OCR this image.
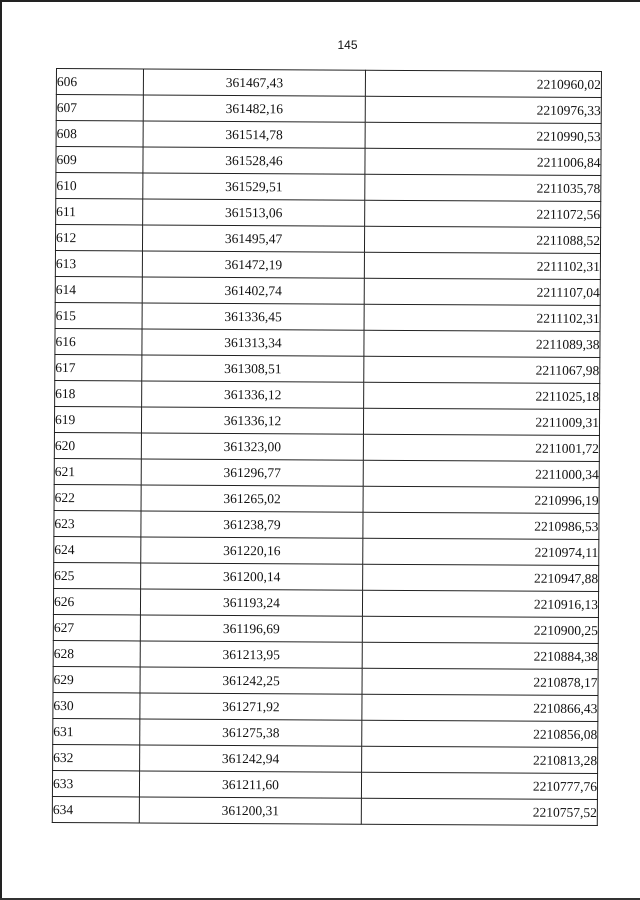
145
606	361467,43	2210960,02
607	361482,16	2210976,33
608	361514,78	2210990,53
609	361528,46	2211006,84
610	361529,51	2211035,78
611	361513,06	2211072,56
612	361495,47	2211088,52
613	361472,19	2211102,31
614	361402,74	2211107,04
615	361336,45	2211102,31
616	361313,34	2211089,38
617	361308,51	2211067,98
618	361336,12	2211025,18
619	361336,12	2211009,31
620	361323,00	2211001,72
621	361296,77	2211000,34
622	361265,02	2210996,19
623	361238,79	2210986,53
624	361220,16	2210974,11
625	361200,14	2210947,88
626	361193,24	2210916,13
627	361196,69	2210900,25
628	361213,95	2210884,38
629	361242,25	2210878,17
630	361271,92	2210866,43
631	361275,38	2210856,08
632	361242,94	2210813,28
633	361211,60	2210777,76
634	361200,31	2210757,52
